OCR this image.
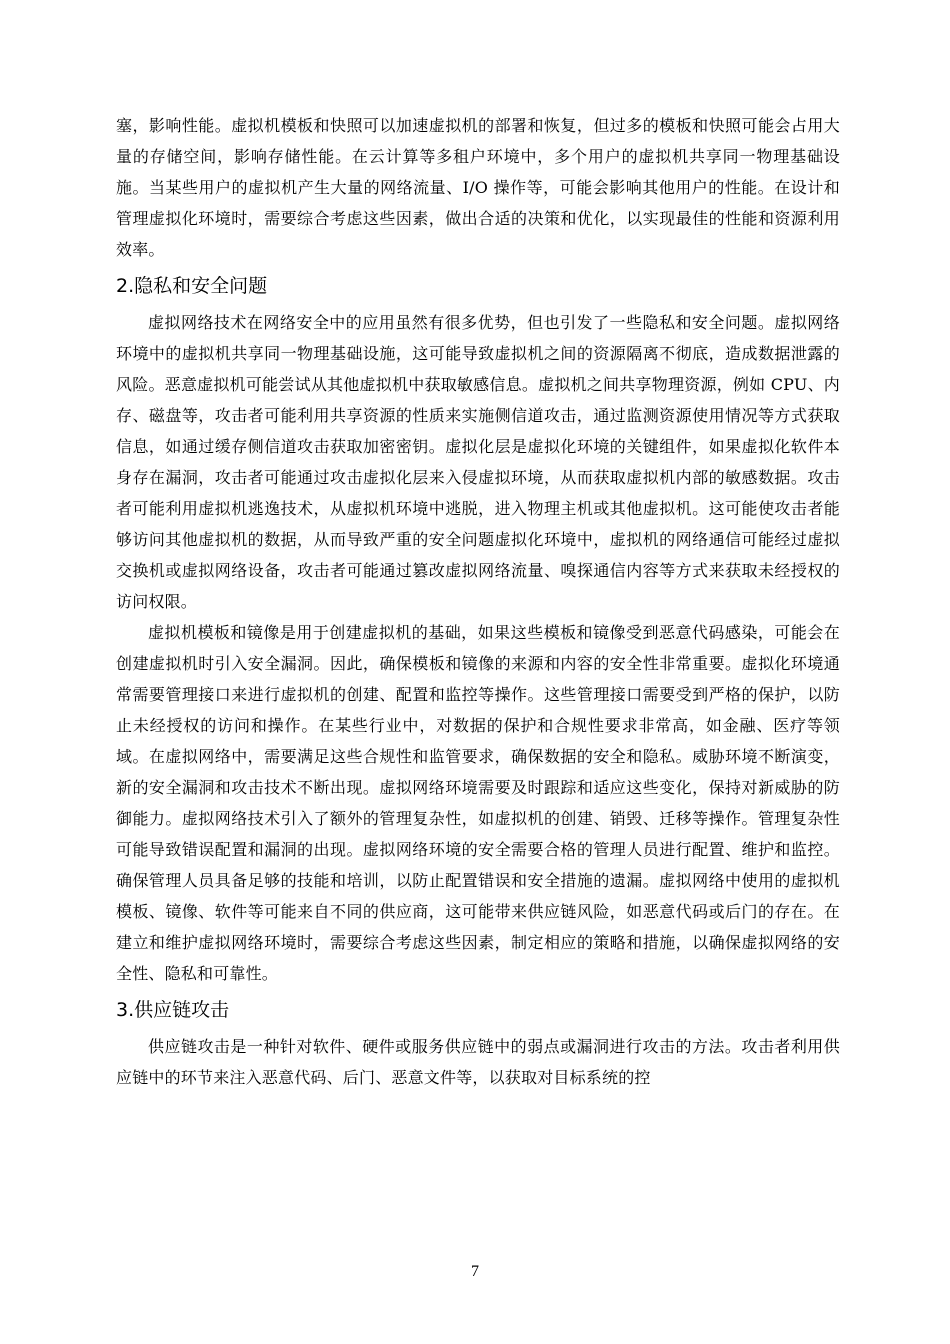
塞，影响性能。虚拟机模板和快照可以加速虚拟机的部署和恢复，但过多的模板和快照可能会占用大量的存储空间，影响存储性能。在云计算等多租户环境中，多个用户的虚拟机共享同一物理基础设施。当某些用户的虚拟机产生大量的网络流量、I/O 操作等，可能会影响其他用户的性能。在设计和管理虚拟化环境时，需要综合考虑这些因素，做出合适的决策和优化，以实现最佳的性能和资源利用效率。

2.隐私和安全问题

虚拟网络技术在网络安全中的应用虽然有很多优势，但也引发了一些隐私和安全问题。虚拟网络环境中的虚拟机共享同一物理基础设施，这可能导致虚拟机之间的资源隔离不彻底，造成数据泄露的风险。恶意虚拟机可能尝试从其他虚拟机中获取敏感信息。虚拟机之间共享物理资源，例如 CPU、内存、磁盘等，攻击者可能利用共享资源的性质来实施侧信道攻击，通过监测资源使用情况等方式获取信息，如通过缓存侧信道攻击获取加密密钥。虚拟化层是虚拟化环境的关键组件，如果虚拟化软件本身存在漏洞，攻击者可能通过攻击虚拟化层来入侵虚拟环境，从而获取虚拟机内部的敏感数据。攻击者可能利用虚拟机逃逸技术，从虚拟机环境中逃脱，进入物理主机或其他虚拟机。这可能使攻击者能够访问其他虚拟机的数据，从而导致严重的安全问题虚拟化环境中，虚拟机的网络通信可能经过虚拟交换机或虚拟网络设备，攻击者可能通过篡改虚拟网络流量、嗅探通信内容等方式来获取未经授权的访问权限。

虚拟机模板和镜像是用于创建虚拟机的基础，如果这些模板和镜像受到恶意代码感染，可能会在创建虚拟机时引入安全漏洞。因此，确保模板和镜像的来源和内容的安全性非常重要。虚拟化环境通常需要管理接口来进行虚拟机的创建、配置和监控等操作。这些管理接口需要受到严格的保护，以防止未经授权的访问和操作。在某些行业中，对数据的保护和合规性要求非常高，如金融、医疗等领域。在虚拟网络中，需要满足这些合规性和监管要求，确保数据的安全和隐私。威胁环境不断演变，新的安全漏洞和攻击技术不断出现。虚拟网络环境需要及时跟踪和适应这些变化，保持对新威胁的防御能力。虚拟网络技术引入了额外的管理复杂性，如虚拟机的创建、销毁、迁移等操作。管理复杂性可能导致错误配置和漏洞的出现。虚拟网络环境的安全需要合格的管理人员进行配置、维护和监控。确保管理人员具备足够的技能和培训，以防止配置错误和安全措施的遗漏。虚拟网络中使用的虚拟机模板、镜像、软件等可能来自不同的供应商，这可能带来供应链风险，如恶意代码或后门的存在。在建立和维护虚拟网络环境时，需要综合考虑这些因素，制定相应的策略和措施，以确保虚拟网络的安全性、隐私和可靠性。

3.供应链攻击

供应链攻击是一种针对软件、硬件或服务供应链中的弱点或漏洞进行攻击的方法。攻击者利用供应链中的环节来注入恶意代码、后门、恶意文件等，以获取对目标系统的控

7
